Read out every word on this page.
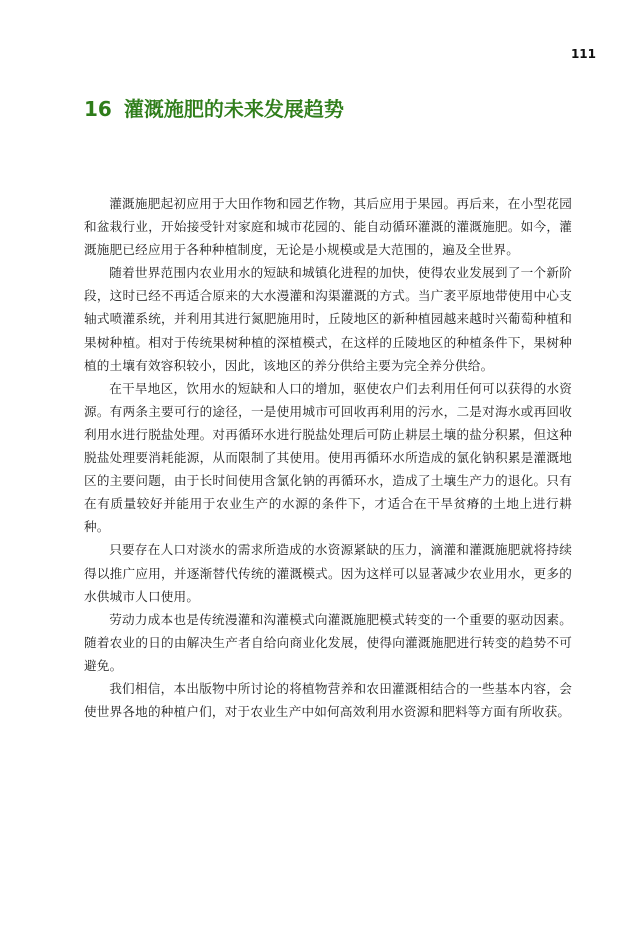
111
16 灌溉施肥的未来发展趋势

灌溉施肥起初应用于大田作物和园艺作物，其后应用于果园。再后来，在小型花园和盆栽行业，开始接受针对家庭和城市花园的、能自动循环灌溉的灌溉施肥。如今，灌溉施肥已经应用于各种种植制度，无论是小规模或是大范围的，遍及全世界。

随着世界范围内农业用水的短缺和城镇化进程的加快，使得农业发展到了一个新阶段，这时已经不再适合原来的大水漫灌和沟渠灌溉的方式。当广袤平原地带使用中心支轴式喷灌系统，并利用其进行氮肥施用时，丘陵地区的新种植园越来越时兴葡萄种植和果树种植。相对于传统果树种植的深植模式，在这样的丘陵地区的种植条件下，果树种植的土壤有效容积较小，因此，该地区的养分供给主要为完全养分供给。

在干旱地区，饮用水的短缺和人口的增加，驱使农户们去利用任何可以获得的水资源。有两条主要可行的途径，一是使用城市可回收再利用的污水，二是对海水或再回收利用水进行脱盐处理。对再循环水进行脱盐处理后可防止耕层土壤的盐分积累，但这种脱盐处理要消耗能源，从而限制了其使用。使用再循环水所造成的氯化钠积累是灌溉地区的主要问题，由于长时间使用含氯化钠的再循环水，造成了土壤生产力的退化。只有在有质量较好并能用于农业生产的水源的条件下，才适合在干旱贫瘠的土地上进行耕种。

只要存在人口对淡水的需求所造成的水资源紧缺的压力，滴灌和灌溉施肥就将持续得以推广应用，并逐渐替代传统的灌溉模式。因为这样可以显著减少农业用水，更多的水供城市人口使用。

劳动力成本也是传统漫灌和沟灌模式向灌溉施肥模式转变的一个重要的驱动因素。随着农业的日的由解决生产者自给向商业化发展，使得向灌溉施肥进行转变的趋势不可避免。

我们相信，本出版物中所讨论的将植物营养和农田灌溉相结合的一些基本内容，会使世界各地的种植户们，对于农业生产中如何高效利用水资源和肥料等方面有所收获。
